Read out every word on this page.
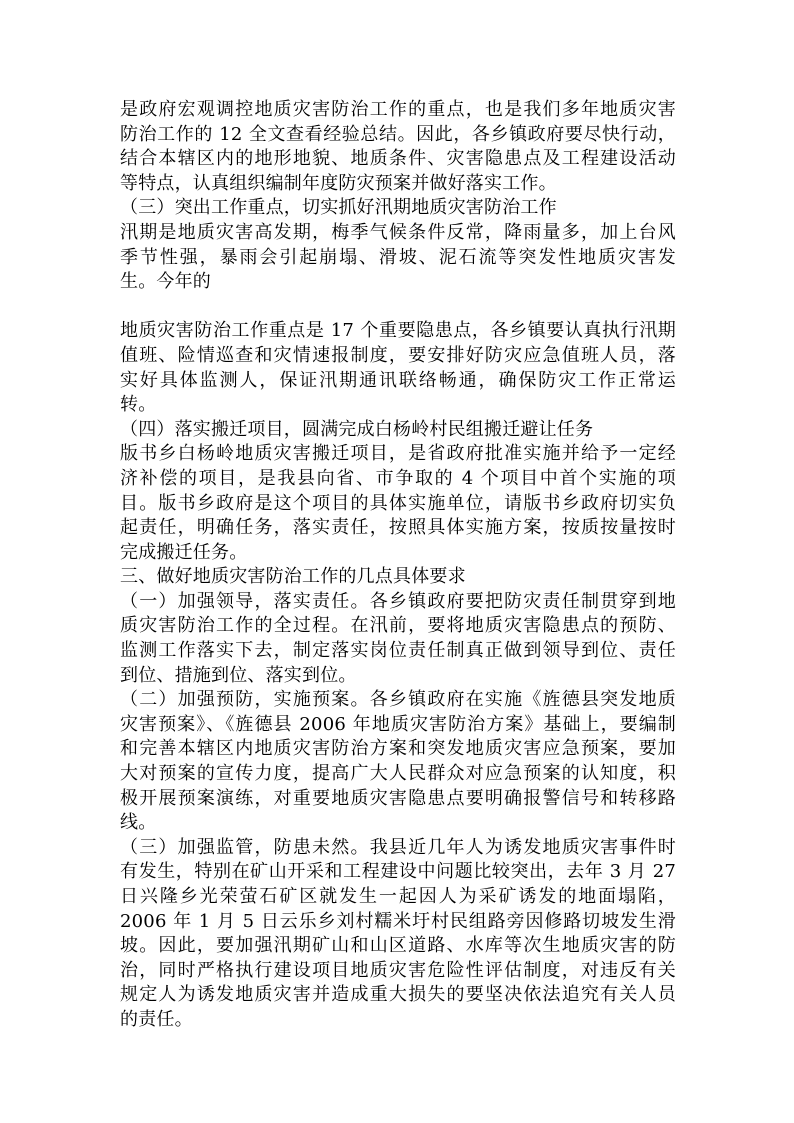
是政府宏观调控地质灾害防治工作的重点，也是我们多年地质灾害
防治工作的 12 全文查看经验总结。因此，各乡镇政府要尽快行动，
结合本辖区内的地形地貌、地质条件、灾害隐患点及工程建设活动
等特点，认真组织编制年度防灾预案并做好落实工作。
（三）突出工作重点，切实抓好汛期地质灾害防治工作
汛期是地质灾害高发期，梅季气候条件反常，降雨量多，加上台风
季节性强，暴雨会引起崩塌、滑坡、泥石流等突发性地质灾害发
生。今年的
地质灾害防治工作重点是 17 个重要隐患点，各乡镇要认真执行汛期
值班、险情巡查和灾情速报制度，要安排好防灾应急值班人员，落
实好具体监测人，保证汛期通讯联络畅通，确保防灾工作正常运
转。
（四）落实搬迁项目，圆满完成白杨岭村民组搬迁避让任务
版书乡白杨岭地质灾害搬迁项目，是省政府批准实施并给予一定经
济补偿的项目，是我县向省、市争取的 4 个项目中首个实施的项
目。版书乡政府是这个项目的具体实施单位，请版书乡政府切实负
起责任，明确任务，落实责任，按照具体实施方案，按质按量按时
完成搬迁任务。
三、做好地质灾害防治工作的几点具体要求
（一）加强领导，落实责任。各乡镇政府要把防灾责任制贯穿到地
质灾害防治工作的全过程。在汛前，要将地质灾害隐患点的预防、
监测工作落实下去，制定落实岗位责任制真正做到领导到位、责任
到位、措施到位、落实到位。
（二）加强预防，实施预案。各乡镇政府在实施《旌德县突发地质
灾害预案》、《旌德县 2006 年地质灾害防治方案》基础上，要编制
和完善本辖区内地质灾害防治方案和突发地质灾害应急预案，要加
大对预案的宣传力度，提高广大人民群众对应急预案的认知度，积
极开展预案演练，对重要地质灾害隐患点要明确报警信号和转移路
线。
（三）加强监管，防患未然。我县近几年人为诱发地质灾害事件时
有发生，特别在矿山开采和工程建设中问题比较突出，去年 3 月 27
日兴隆乡光荣萤石矿区就发生一起因人为采矿诱发的地面塌陷，
2006 年 1 月 5 日云乐乡刘村糯米圩村民组路旁因修路切坡发生滑
坡。因此，要加强汛期矿山和山区道路、水库等次生地质灾害的防
治，同时严格执行建设项目地质灾害危险性评估制度，对违反有关
规定人为诱发地质灾害并造成重大损失的要坚决依法追究有关人员
的责任。
